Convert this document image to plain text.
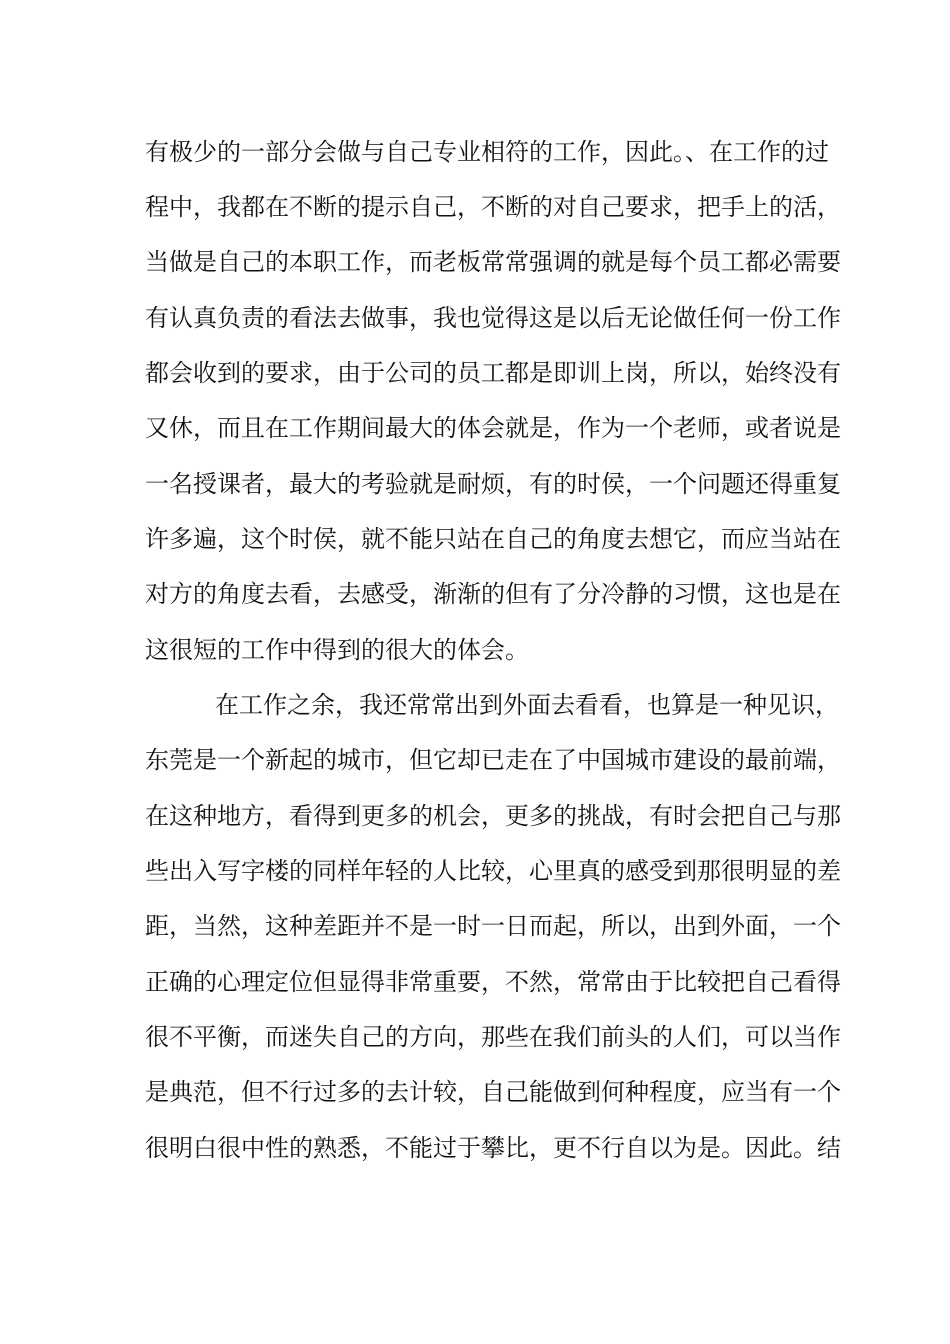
有极少的一部分会做与自己专业相符的工作，因此。、在工作的过
程中，我都在不断的提示自己，不断的对自己要求，把手上的活，
当做是自己的本职工作，而老板常常强调的就是每个员工都必需要
有认真负责的看法去做事，我也觉得这是以后无论做任何一份工作
都会收到的要求，由于公司的员工都是即训上岗，所以，始终没有
又休，而且在工作期间最大的体会就是，作为一个老师，或者说是
一名授课者，最大的考验就是耐烦，有的时侯，一个问题还得重复
许多遍，这个时侯，就不能只站在自己的角度去想它，而应当站在
对方的角度去看，去感受，渐渐的但有了分冷静的习惯，这也是在
这很短的工作中得到的很大的体会。
在工作之余，我还常常出到外面去看看，也算是一种见识，
东莞是一个新起的城市，但它却已走在了中国城市建设的最前端，
在这种地方，看得到更多的机会，更多的挑战，有时会把自己与那
些出入写字楼的同样年轻的人比较，心里真的感受到那很明显的差
距，当然，这种差距并不是一时一日而起，所以，出到外面，一个
正确的心理定位但显得非常重要，不然，常常由于比较把自己看得
很不平衡，而迷失自己的方向，那些在我们前头的人们，可以当作
是典范，但不行过多的去计较，自己能做到何种程度，应当有一个
很明白很中性的熟悉，不能过于攀比，更不行自以为是。因此。结
